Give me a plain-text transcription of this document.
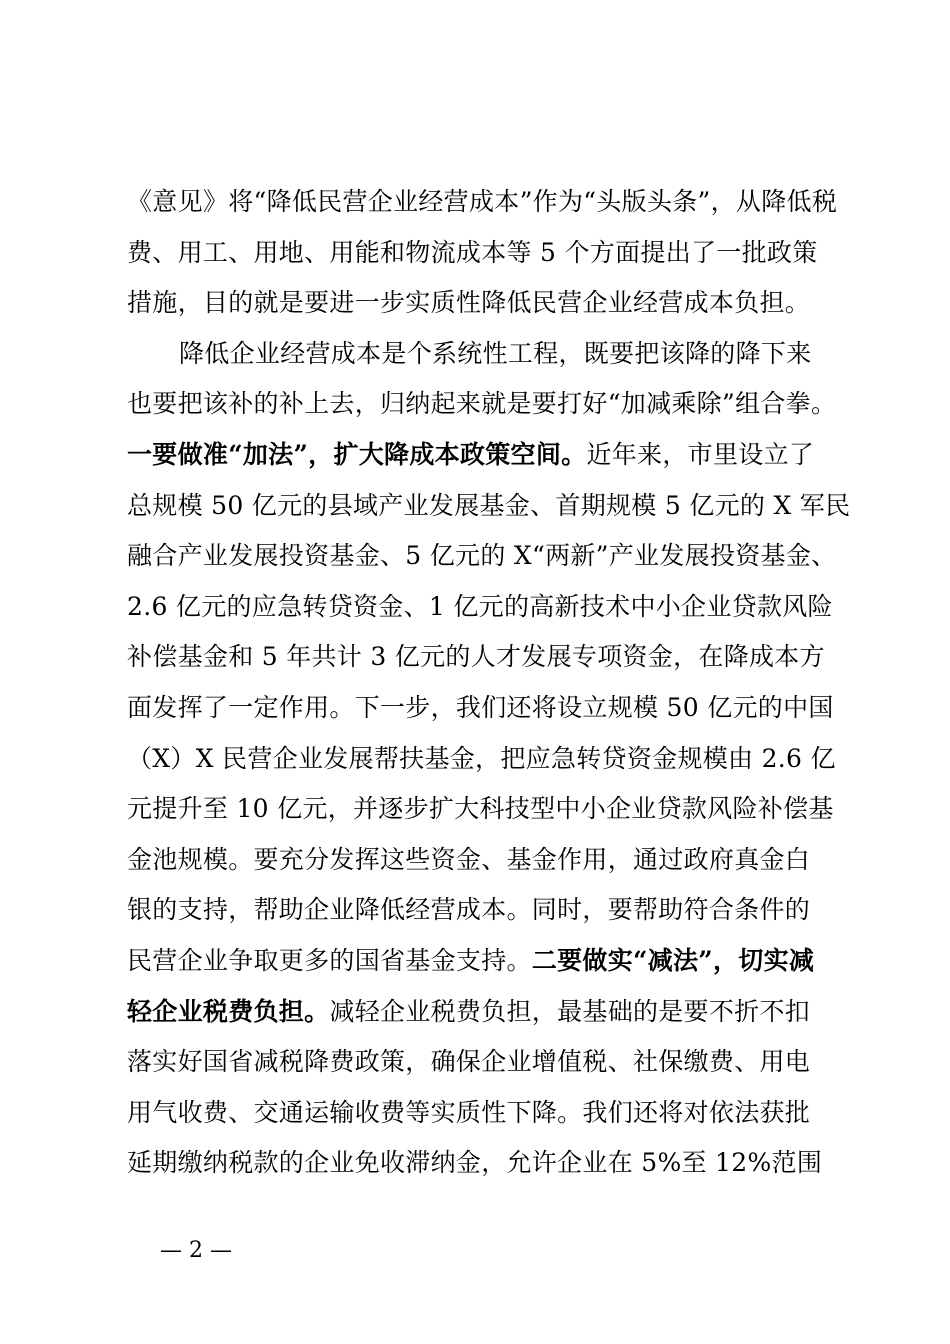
《意见》将“降低民营企业经营成本”作为“头版头条”，从降低税
费、用工、用地、用能和物流成本等 5 个方面提出了一批政策
措施，目的就是要进一步实质性降低民营企业经营成本负担。
降低企业经营成本是个系统性工程，既要把该降的降下来
也要把该补的补上去，归纳起来就是要打好“加减乘除”组合拳。
一要做准“加法”，扩大降成本政策空间。近年来，市里设立了
总规模 50 亿元的县域产业发展基金、首期规模 5 亿元的 X 军民
融合产业发展投资基金、5 亿元的 X“两新”产业发展投资基金、
2.6 亿元的应急转贷资金、1 亿元的高新技术中小企业贷款风险
补偿基金和 5 年共计 3 亿元的人才发展专项资金，在降成本方
面发挥了一定作用。下一步，我们还将设立规模 50 亿元的中国
（X）X 民营企业发展帮扶基金，把应急转贷资金规模由 2.6 亿
元提升至 10 亿元，并逐步扩大科技型中小企业贷款风险补偿基
金池规模。要充分发挥这些资金、基金作用，通过政府真金白
银的支持，帮助企业降低经营成本。同时，要帮助符合条件的
民营企业争取更多的国省基金支持。二要做实“减法”，切实减
轻企业税费负担。减轻企业税费负担，最基础的是要不折不扣
落实好国省减税降费政策，确保企业增值税、社保缴费、用电
用气收费、交通运输收费等实质性下降。我们还将对依法获批
延期缴纳税款的企业免收滞纳金，允许企业在 5%至 12%范围
— 2 —
